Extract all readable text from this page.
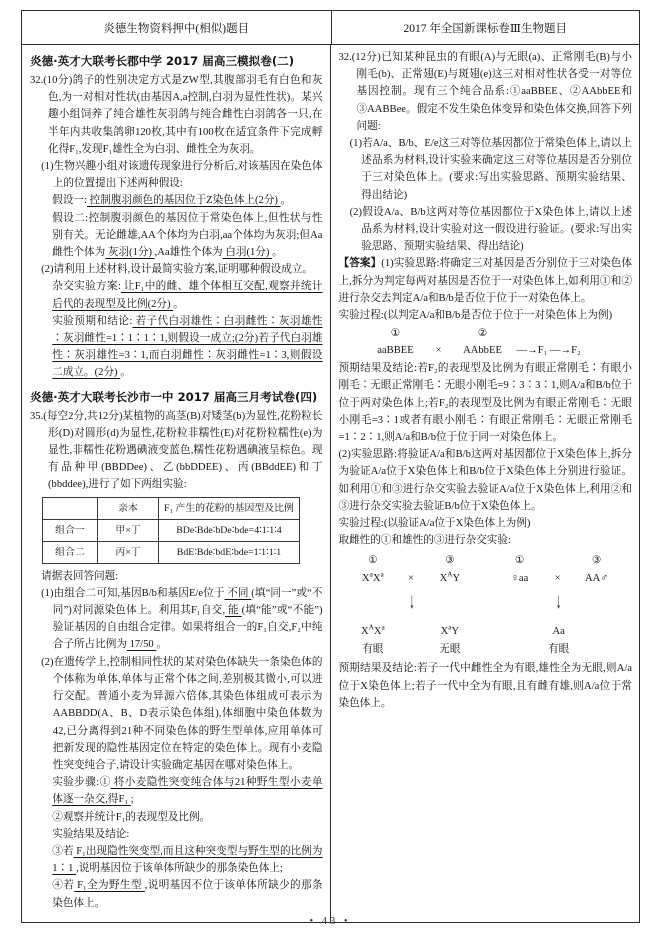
炎德生物资料押中(相似)题目	2017 年全国新课标卷Ⅲ生物题目

炎德·英才大联考长郡中学 2017 届高三模拟卷(二)

32.(10分)鸽子的性别决定方式是ZW型,其腹部羽毛有白色和灰色,为一对相对性状(由基因A,a控制,白羽为显性性状)。某兴趣小组饲养了纯合雄性灰羽鸽与纯合雌性白羽鸽各一只,在半年内共收集鸽卵120枚,其中有100枚在适宜条件下完成孵化得F₁,发现F₁雄性全为白羽、雌性全为灰羽。

(1)生物兴趣小组对该遗传现象进行分析后,对该基因在染色体上的位置提出下述两种假设:

假设一: 控制腹羽颜色的基因位于Z染色体上(2分) 。

假设二:控制腹羽颜色的基因位于常染色体上,但性状与性别有关。无论雌雄,AA个体均为白羽,aa个体均为灰羽;但Aa雌性个体为 灰羽(1分) ,Aa雄性个体为 白羽(1分) 。

(2)请利用上述材料,设计最简实验方案,证明哪种假设成立。

杂交实验方案: 让F₁中的雌、雄个体相互交配,观察并统计后代的表现型及比例(2分) 。

实验预期和结论: 若子代白羽雄性∶白羽雌性∶灰羽雄性∶灰羽雌性=1∶1∶1∶1,则假设一成立;(2分)若子代白羽雄性∶灰羽雄性=3∶1,而白羽雌性∶灰羽雌性=1∶3,则假设二成立。(2分) 。

炎德·英才大联考长沙市一中 2017 届高三月考试卷(四)

35.(每空2分,共12分)某植物的高茎(B)对矮茎(b)为显性,花粉粒长形(D)对圆形(d)为显性,花粉粒非糯性(E)对花粉粒糯性(e)为显性,非糯性花粉遇碘液变蓝色,糯性花粉遇碘液呈棕色。现有品种甲(BBDDee)、乙(bbDDEE)、丙(BBddEE)和丁(bbddee),进行了如下两组实验:

	亲本	F₁ 产生的花粉的基因型及比例
组合一	甲×丁	BDe∶Bde∶bDe∶bde=4∶1∶1∶4
组合二	丙×丁	BdE∶Bde∶bdE∶bde=1∶1∶1∶1

请据表回答问题:

(1)由组合二可知,基因B/b和基因E/e位于 不同 (填“同一”或“不同”)对同源染色体上。利用其F₁自交, 能 (填“能”或“不能”)验证基因的自由组合定律。如果将组合一的F₁自交,F₂中纯合子所占比例为 17/50 。

(2)在遗传学上,控制相同性状的某对染色体缺失一条染色体的个体称为单体,单体与正常个体之间,差别极其微小,可以进行交配。普通小麦为异源六倍体,其染色体组成可表示为AABBDD(A、B、D表示染色体组),体细胞中染色体数为42,已分离得到21种不同染色体的野生型单体,应用单体可把新发现的隐性基因定位在特定的染色体上。现有小麦隐性突变纯合子,请设计实验确定基因在哪对染色体上。

实验步骤:① 将小麦隐性突变纯合体与21种野生型小麦单体逐一杂交,得F₁ ;

②观察并统计F₁的表现型及比例。

实验结果及结论:

③若 F₁出现隐性突变型,而且这种突变型与野生型的比例为1∶1 ,说明基因位于该单体所缺少的那条染色体上;

④若 F₁全为野生型 ,说明基因不位于该单体所缺少的那条染色体上。

32.(12分)已知某种昆虫的有眼(A)与无眼(a)、正常刚毛(B)与小刚毛(b)、正常翅(E)与斑翅(e)这三对相对性状各受一对等位基因控制。现有三个纯合品系:①aaBBEE、②AAbbEE和③AABBee。假定不发生染色体变异和染色体交换,回答下列问题:

(1)若A/a、B/b、E/e这三对等位基因都位于常染色体上,请以上述品系为材料,设计实验来确定这三对等位基因是否分别位于三对染色体上。(要求:写出实验思路、预期实验结果、得出结论)

(2)假设A/a、B/b这两对等位基因都位于X染色体上,请以上述品系为材料,设计实验对这一假设进行验证。(要求:写出实验思路、预期实验结果、得出结论)

【答案】(1)实验思路:将确定三对基因是否分别位于三对染色体上,拆分为判定每两对基因是否位于一对染色体上,如利用①和②进行杂交去判定A/a和B/b是否位于位于一对染色体上。

实验过程:(以判定A/a和B/b是否位于位于一对染色体上为例)

①	②
aaBBEE	×	AAbbEE	—→F₁ —→F₂

预期结果及结论:若F₂的表现型及比例为有眼正常刚毛∶有眼小刚毛∶无眼正常刚毛∶无眼小刚毛=9∶3∶3∶1,则A/a和B/b位于位于两对染色体上;若F₂的表现型及比例为有眼正常刚毛∶无眼小刚毛=3∶1或者有眼小刚毛∶有眼正常刚毛∶无眼正常刚毛=1∶2∶1,则A/a和B/b位于位于同一对染色体上。

(2)实验思路:将验证A/a和B/b这两对基因都位于X染色体上,拆分为验证A/a位于X染色体上和B/b位于X染色体上分别进行验证。如利用①和③进行杂交实验去验证A/a位于X染色体上,利用②和③进行杂交实验去验证B/b位于X染色体上。

实验过程:(以验证A/a位于X染色体上为例)

取雌性的①和雄性的③进行杂交实验:

①	③
$X^aX^a$	×	$X^AY$
↓
$X^AX^a$	$X^aY$
有眼	无眼
①	③
♀aa	×	AA♂
↓
Aa
有眼

预期结果及结论:若子一代中雌性全为有眼,雄性全为无眼,则A/a位于X染色体上;若子一代中全为有眼,且有雌有雄,则A/a位于常染色体上。

• 43 •
